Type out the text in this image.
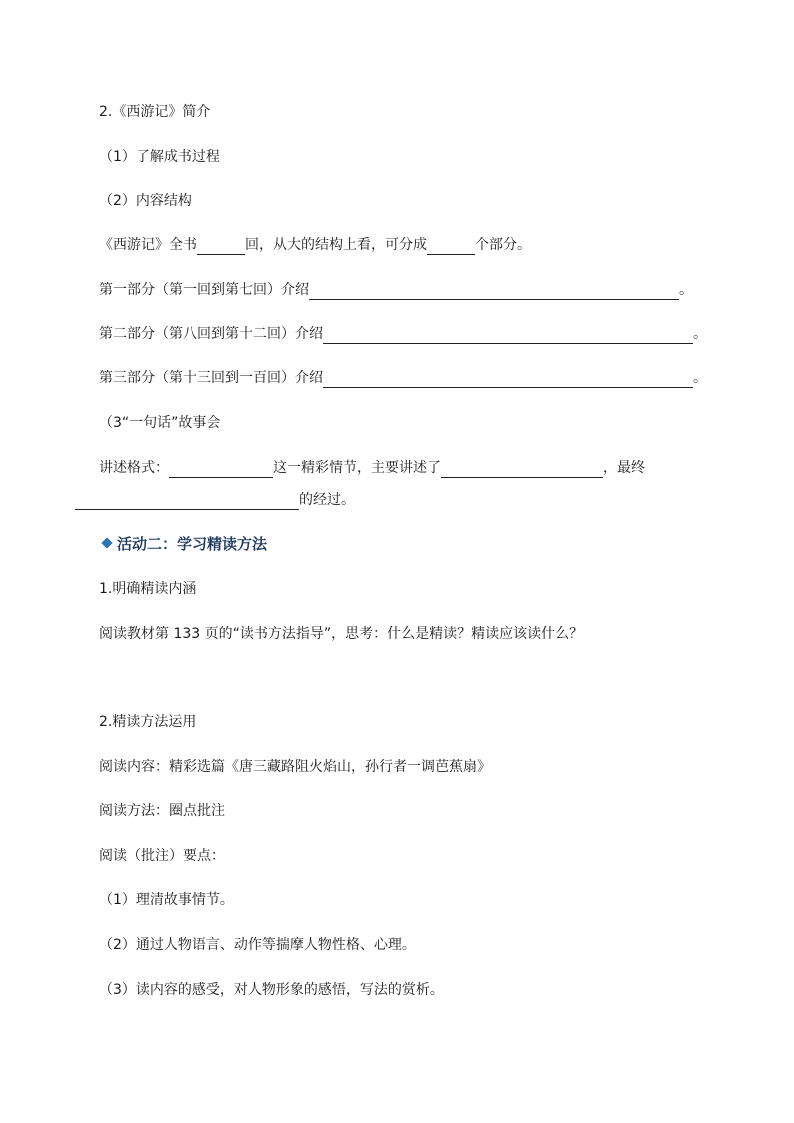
2.《西游记》简介
（1）了解成书过程
（2）内容结构
《西游记》全书	回，从大的结构上看，可分成	个部分。
第一部分（第一回到第七回）介绍	。
第二部分（第八回到第十二回）介绍	。
第三部分（第十三回到一百回）介绍	。
（3“一句话”故事会
讲述格式：	这一精彩情节，主要讲述了	，最终
的经过。
活动二：学习精读方法
1.明确精读内涵
阅读教材第 133 页的“读书方法指导”，思考：什么是精读？精读应该读什么？
2.精读方法运用
阅读内容：精彩选篇《唐三藏路阻火焰山，孙行者一调芭蕉扇》
阅读方法：圈点批注
阅读（批注）要点：
（1）理清故事情节。
（2）通过人物语言、动作等揣摩人物性格、心理。
（3）读内容的感受，对人物形象的感悟，写法的赏析。
